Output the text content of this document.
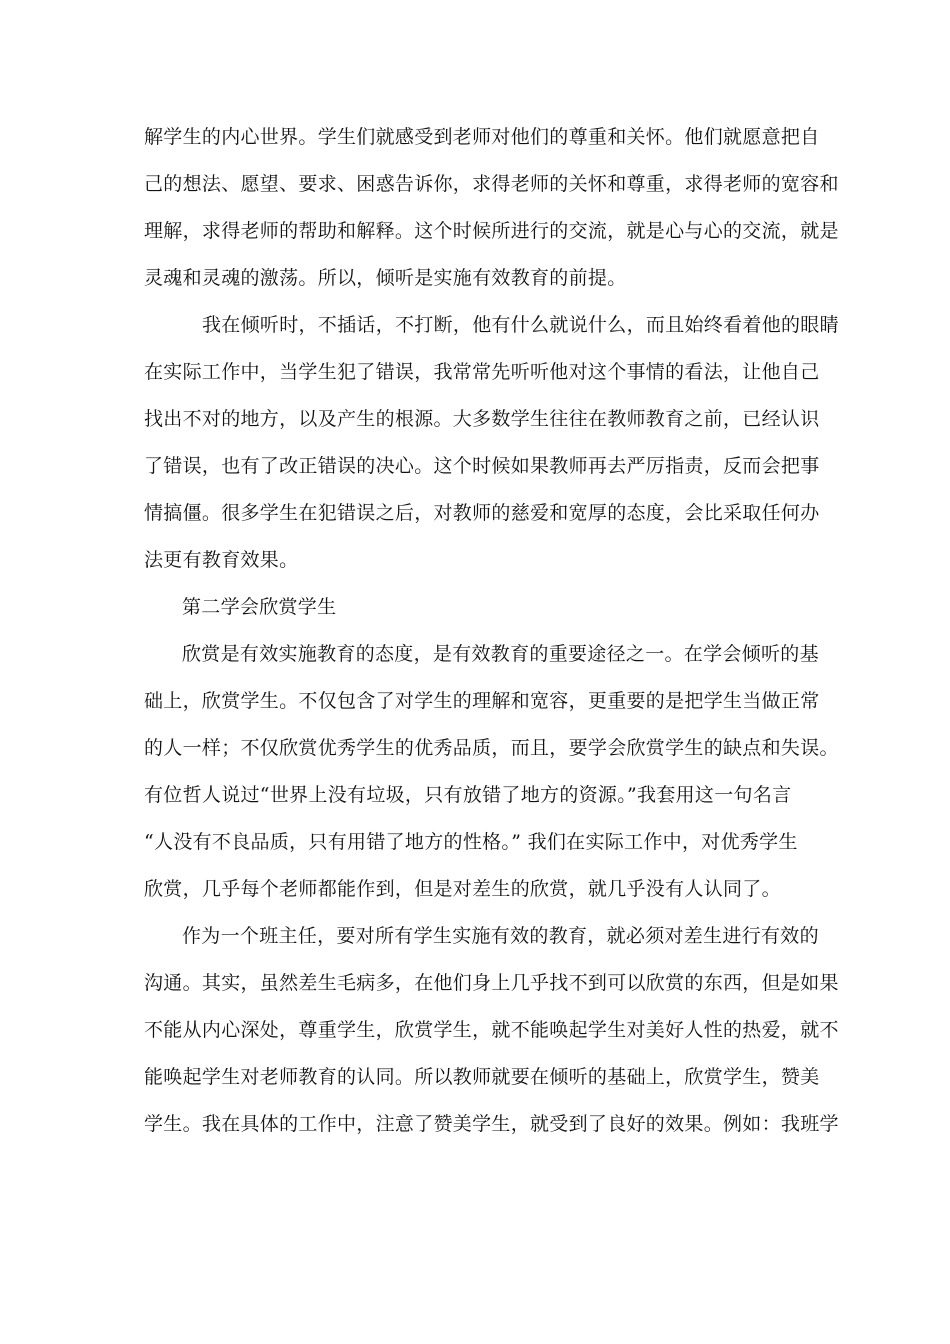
解学生的内心世界。学生们就感受到老师对他们的尊重和关怀。他们就愿意把自
己的想法、愿望、要求、困惑告诉你，求得老师的关怀和尊重，求得老师的宽容和
理解，求得老师的帮助和解释。这个时候所进行的交流，就是心与心的交流，就是
灵魂和灵魂的激荡。所以，倾听是实施有效教育的前提。
我在倾听时，不插话，不打断，他有什么就说什么，而且始终看着他的眼睛
在实际工作中，当学生犯了错误，我常常先听听他对这个事情的看法，让他自己
找出不对的地方，以及产生的根源。大多数学生往往在教师教育之前，已经认识
了错误，也有了改正错误的决心。这个时候如果教师再去严厉指责，反而会把事
情搞僵。很多学生在犯错误之后，对教师的慈爱和宽厚的态度，会比采取任何办
法更有教育效果。
第二学会欣赏学生
欣赏是有效实施教育的态度，是有效教育的重要途径之一。在学会倾听的基
础上，欣赏学生。不仅包含了对学生的理解和宽容，更重要的是把学生当做正常
的人一样；不仅欣赏优秀学生的优秀品质，而且，要学会欣赏学生的缺点和失误。
有位哲人说过“世界上没有垃圾，只有放错了地方的资源。”我套用这一句名言
“人没有不良品质，只有用错了地方的性格。” 我们在实际工作中，对优秀学生
欣赏，几乎每个老师都能作到，但是对差生的欣赏，就几乎没有人认同了。
作为一个班主任，要对所有学生实施有效的教育，就必须对差生进行有效的
沟通。其实，虽然差生毛病多，在他们身上几乎找不到可以欣赏的东西，但是如果
不能从内心深处，尊重学生，欣赏学生，就不能唤起学生对美好人性的热爱，就不
能唤起学生对老师教育的认同。所以教师就要在倾听的基础上，欣赏学生，赞美
学生。我在具体的工作中，注意了赞美学生，就受到了良好的效果。例如：我班学
